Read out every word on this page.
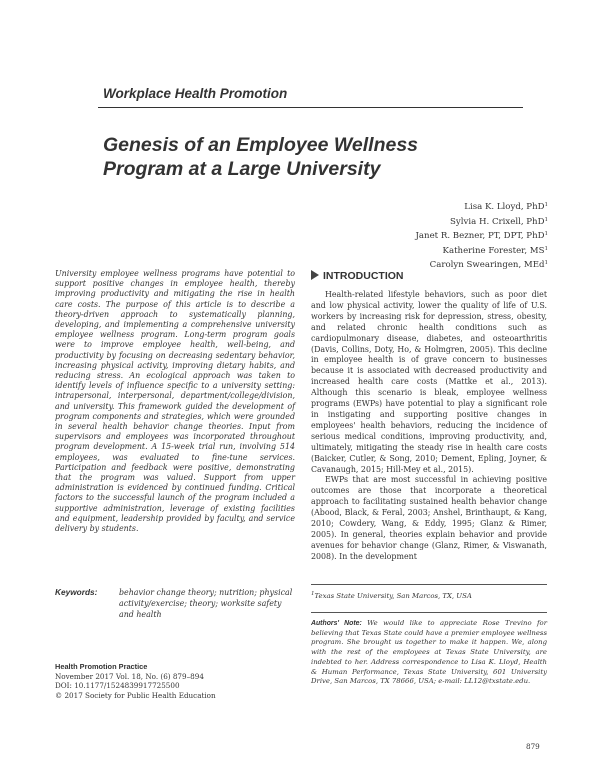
Workplace Health Promotion
Genesis of an Employee Wellness
Program at a Large University
Lisa K. Lloyd, PhD$^1$
Sylvia H. Crixell, PhD$^1$
Janet R. Bezner, PT, DPT, PhD$^1$
Katherine Forester, $MS^1$
Carolyn Swearingen, MEd$^1$
University employee wellness programs have potential to support positive changes in employee health, thereby improving productivity and mitigating the rise in health care costs. The purpose of this article is to describe a theory-driven approach to systematically planning, developing, and implementing a comprehensive university employee wellness program. Long-term program goals were to improve employee health, well-being, and productivity by focusing on decreasing sedentary behavior, increasing physical activity, improving dietary habits, and reducing stress. An ecological approach was taken to identify levels of influence specific to a university setting: intrapersonal, interpersonal, department/college/division, and university. This framework guided the development of program components and strategies, which were grounded in several health behavior change theories. Input from supervisors and employees was incorporated throughout program development. A 15-week trial run, involving 514 employees, was evaluated to fine-tune services. Participation and feedback were positive, demonstrating that the program was valued. Support from upper administration is evidenced by continued funding. Critical factors to the successful launch of the program included a supportive administration, leverage of existing facilities and equipment, leadership provided by faculty, and service delivery by students.
Keywords:	behavior change theory; nutrition; physical activity/exercise; theory; worksite safety and health
Health Promotion Practice
November 2017 Vol. 18, No. (6) 879–894
DOI: 10.1177/1524839917725500
© 2017 Society for Public Health Education
INTRODUCTION

Health-related lifestyle behaviors, such as poor diet and low physical activity, lower the quality of life of U.S. workers by increasing risk for depression, stress, obesity, and related chronic health conditions such as cardiopulmonary disease, diabetes, and osteoarthritis (Davis, Collins, Doty, Ho, & Holmgren, 2005). This decline in employee health is of grave concern to businesses because it is associated with decreased productivity and increased health care costs (Mattke et al., 2013). Although this scenario is bleak, employee wellness programs (EWPs) have potential to play a significant role in instigating and supporting positive changes in employees' health behaviors, reducing the incidence of serious medical conditions, improving productivity, and, ultimately, mitigating the steady rise in health care costs (Baicker, Cutler, & Song, 2010; Dement, Epling, Joyner, & Cavanaugh, 2015; Hill-Mey et al., 2015).

EWPs that are most successful in achieving positive outcomes are those that incorporate a theoretical approach to facilitating sustained health behavior change (Abood, Black, & Feral, 2003; Anshel, Brinthaupt, & Kang, 2010; Cowdery, Wang, & Eddy, 1995; Glanz & Rimer, 2005). In general, theories explain behavior and provide avenues for behavior change (Glanz, Rimer, & Viswanath, 2008). In the development

$^1$Texas State University, San Marcos, TX, USA
Authors' Note: We would like to appreciate Rose Trevino for believing that Texas State could have a premier employee wellness program. She brought us together to make it happen. We, along with the rest of the employees at Texas State University, are indebted to her. Address correspondence to Lisa K. Lloyd, Health & Human Performance, Texas State University, 601 University Drive, San Marcos, TX 78666, USA; e-mail: LL12@txstate.edu.
879
